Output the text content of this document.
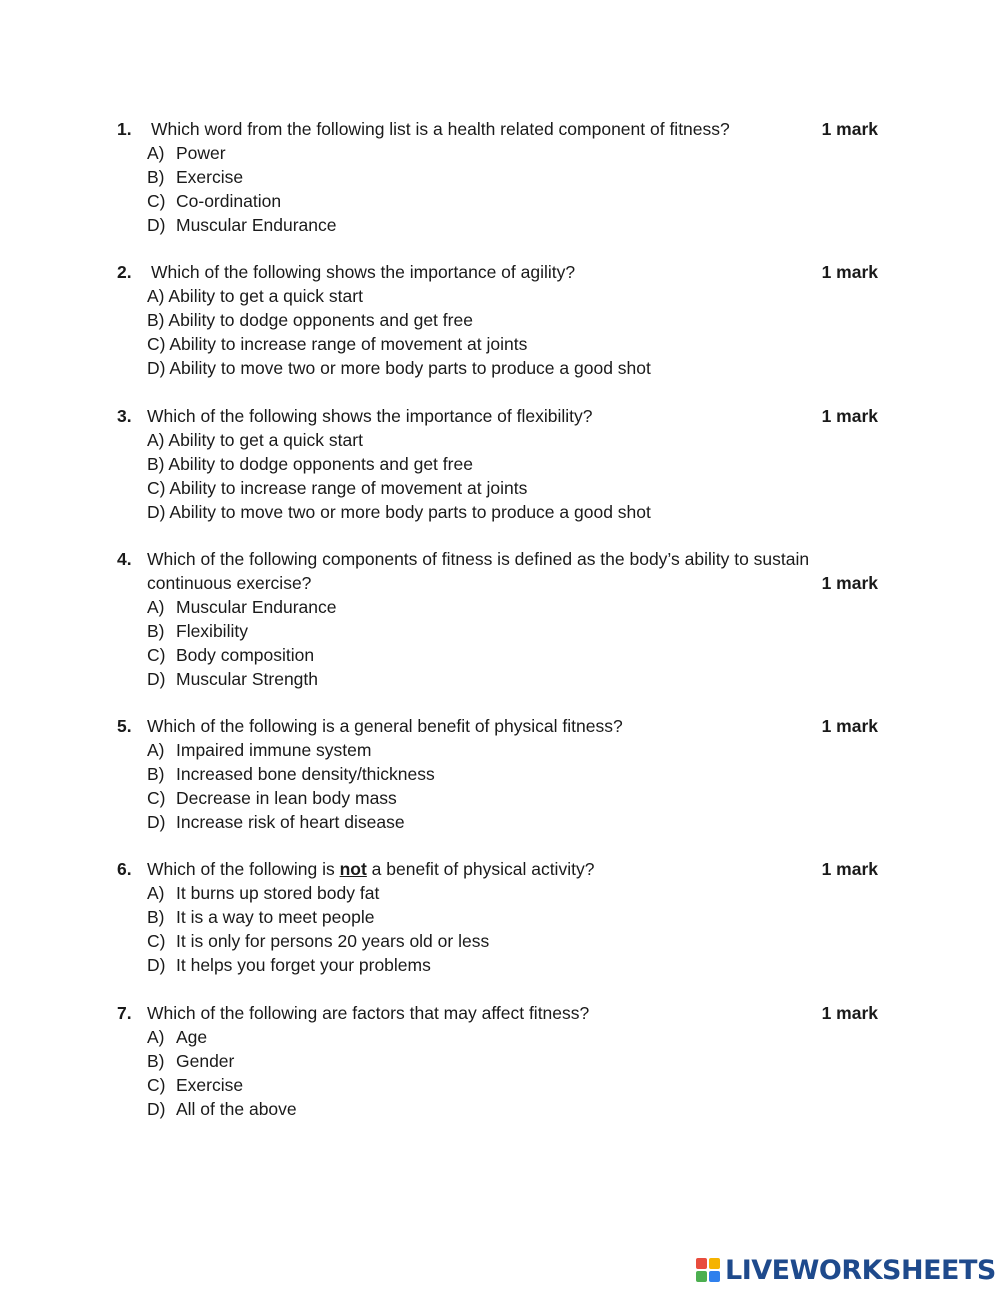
1. Which word from the following list is a health related component of fitness?	1 mark
A) Power
B) Exercise
C) Co-ordination
D) Muscular Endurance
2. Which of the following shows the importance of agility?	1 mark
A) Ability to get a quick start
B) Ability to dodge opponents and get free
C) Ability to increase range of movement at joints
D) Ability to move two or more body parts to produce a good shot
3. Which of the following shows the importance of flexibility?	1 mark
A) Ability to get a quick start
B) Ability to dodge opponents and get free
C) Ability to increase range of movement at joints
D) Ability to move two or more body parts to produce a good shot
4. Which of the following components of fitness is defined as the body’s ability to sustain
continuous exercise?	1 mark
A) Muscular Endurance
B) Flexibility
C) Body composition
D) Muscular Strength
5. Which of the following is a general benefit of physical fitness?	1 mark
A) Impaired immune system
B) Increased bone density/thickness
C) Decrease in lean body mass
D) Increase risk of heart disease
6. Which of the following is not a benefit of physical activity?	1 mark
A) It burns up stored body fat
B) It is a way to meet people
C) It is only for persons 20 years old or less
D) It helps you forget your problems
7. Which of the following are factors that may affect fitness?	1 mark
A) Age
B) Gender
C) Exercise
D) All of the above
LIVEWORKSHEETS
